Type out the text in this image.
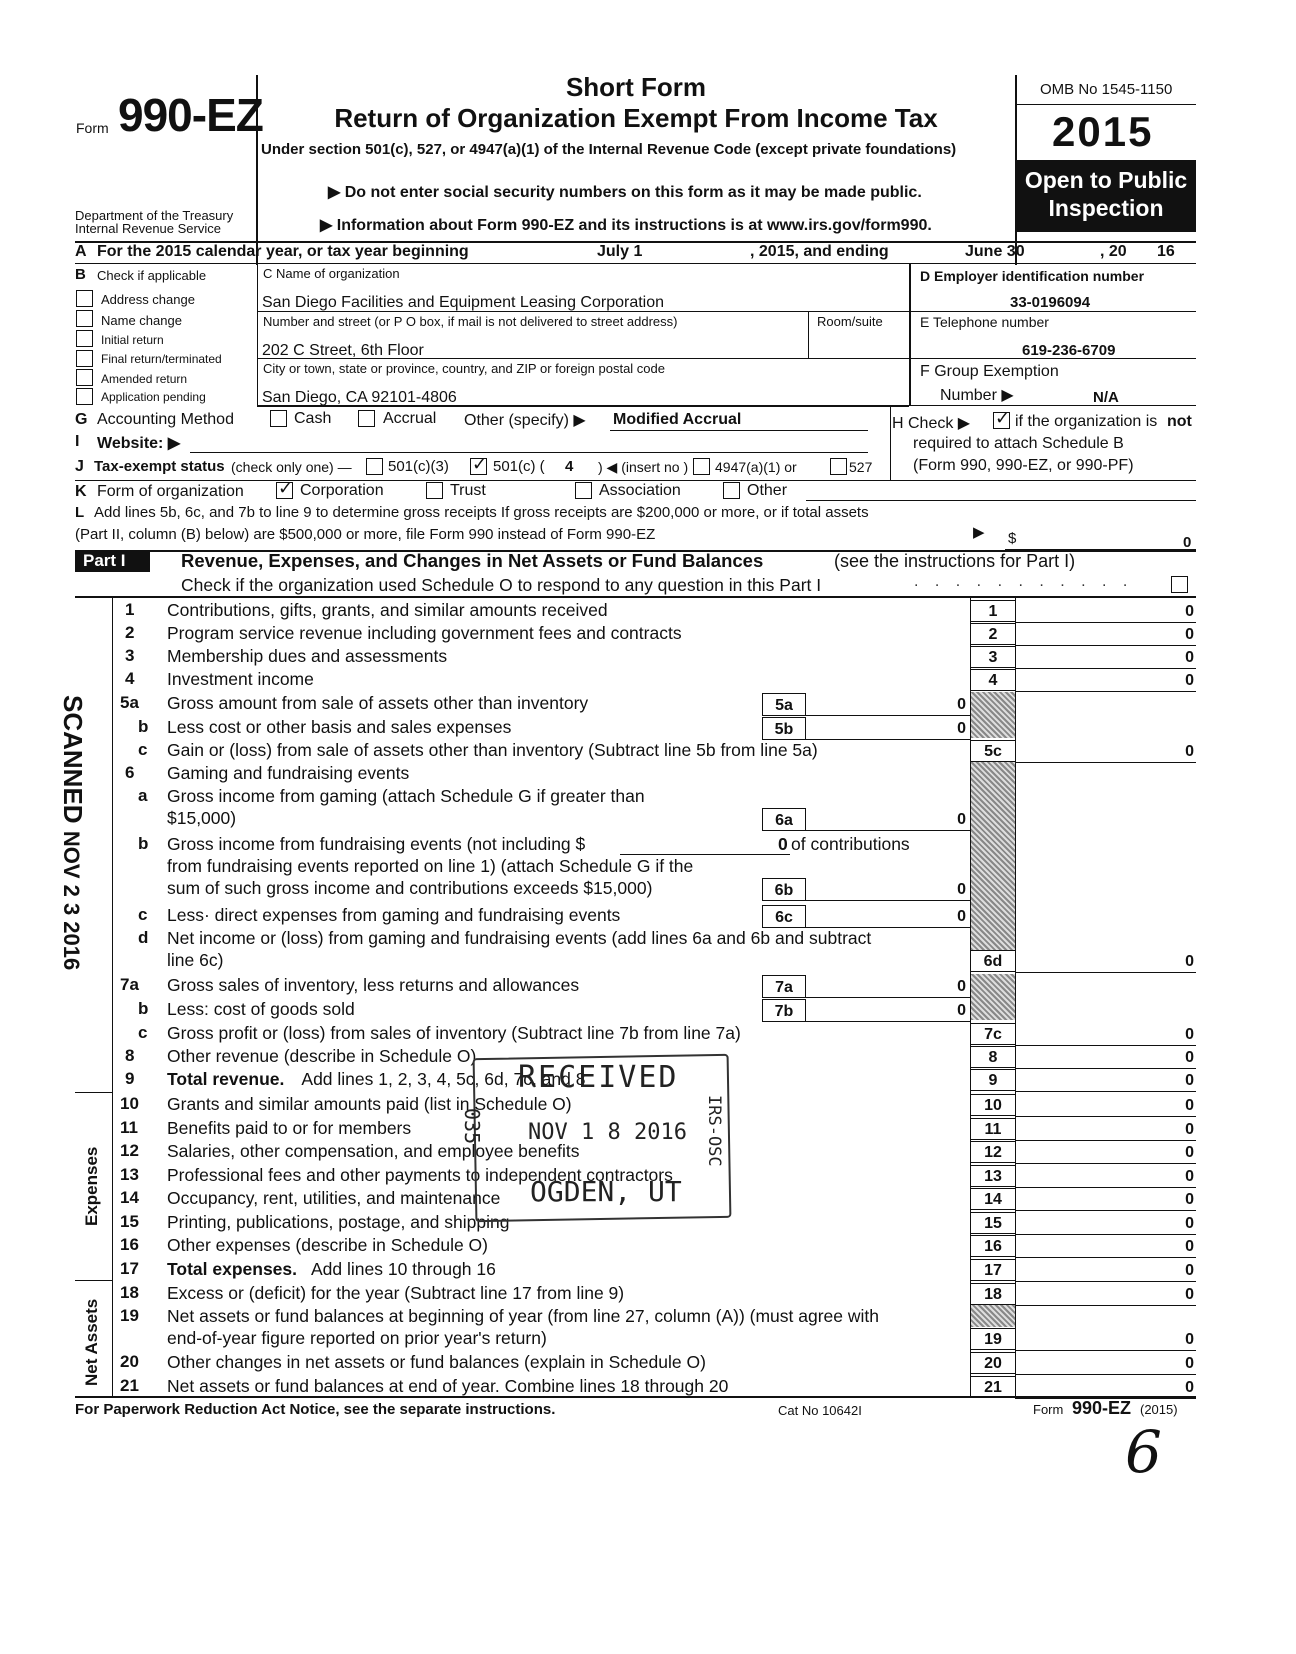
Form 990-EZ
Department of the Treasury
Internal Revenue Service
Short Form
Return of Organization Exempt From Income Tax
Under section 501(c), 527, or 4947(a)(1) of the Internal Revenue Code (except private foundations)
▶ Do not enter social security numbers on this form as it may be made public.
▶ Information about Form 990-EZ and its instructions is at www.irs.gov/form990.
OMB No 1545-1150
2015
Open to Public
Inspection
A For the 2015 calendar year, or tax year beginning	July 1	, 2015, and ending	June 30	, 20 16
B Check if applicable
Address change
Name change
Initial return
Final return/terminated
Amended return
Application pending
C Name of organization
San Diego Facilities and Equipment Leasing Corporation
Number and street (or P O box, if mail is not delivered to street address)	Room/suite
202 C Street, 6th Floor
City or town, state or province, country, and ZIP or foreign postal code
San Diego, CA 92101-4806
D Employer identification number
33-0196094
E Telephone number
619-236-6709
F Group Exemption
Number ▶	N/A
G Accounting Method	Cash	Accrual Other (specify) ▶ Modified Accrual
I Website: ▶
J Tax-exempt status (check only one) — 501(c)(3) ✓	501(c) ( 4 ) ◀ (insert no ) 4947(a)(1) or	527
H Check ▶ ✓	if the organization is not
required to attach Schedule B
(Form 990, 990-EZ, or 990-PF)
K Form of organization ✓	Corporation	Trust	Association	Other
L Add lines 5b, 6c, and 7b to line 9 to determine gross receipts If gross receipts are $200,000 or more, or if total assets
(Part II, column (B) below) are $500,000 or more, file Form 990 instead of Form 990-EZ	▶ $	0
Part I	Revenue, Expenses, and Changes in Net Assets or Fund Balances	(see the instructions for Part I)
Check if the organization used Schedule O to respond to any question in this Part I	. . . . . . . . . . .
1 Contributions, gifts, grants, and similar amounts received	1	0
2 Program service revenue including government fees and contracts	2	0
3 Membership dues and assessments	3	0
4 Investment income	4	0
5a Gross amount from sale of assets other than inventory	5a	0
b Less cost or other basis and sales expenses	5b	0
c Gain or (loss) from sale of assets other than inventory (Subtract line 5b from line 5a)	5c	0
6 Gaming and fundraising events
a Gross income from gaming (attach Schedule G if greater than
$15,000)	6a	0
b Gross income from fundraising events (not including $	0 of contributions
from fundraising events reported on line 1) (attach Schedule G if the
sum of such gross income and contributions exceeds $15,000)	6b	0
c Less· direct expenses from gaming and fundraising events	6c	0
d Net income or (loss) from gaming and fundraising events (add lines 6a and 6b and subtract
line 6c)	6d	0
7a Gross sales of inventory, less returns and allowances	7a	0
b Less: cost of goods sold	7b	0
c Gross profit or (loss) from sales of inventory (Subtract line 7b from line 7a)	7c	0
8 Other revenue (describe in Schedule O)	8	0
9 Total revenue. Add lines 1, 2, 3, 4, 5c, 6d, 7c, and 8	9	0
10 Grants and similar amounts paid (list in Schedule O)	10	0
11 Benefits paid to or for members	11	0
12 Salaries, other compensation, and employee benefits	12	0
13 Professional fees and other payments to independent contractors	13	0
14 Occupancy, rent, utilities, and maintenance	14	0
15 Printing, publications, postage, and shipping	15	0
16 Other expenses (describe in Schedule O)	16	0
17 Total expenses. Add lines 10 through 16	17	0
18 Excess or (deficit) for the year (Subtract line 17 from line 9)	18	0
19 Net assets or fund balances at beginning of year (from line 27, column (A)) (must agree with
end-of-year figure reported on prior year's return)	19	0
20 Other changes in net assets or fund balances (explain in Schedule O)	20	0
21 Net assets or fund balances at end of year. Combine lines 18 through 20	21	0
Expenses
Net Assets
SCANNED NOV 2 3 2016
RECEIVED
NOV 1 8 2016
035	IRS-OSC
OGDEN, UT
For Paperwork Reduction Act Notice, see the separate instructions.	Cat No 10642I	Form 990-EZ (2015)
6
